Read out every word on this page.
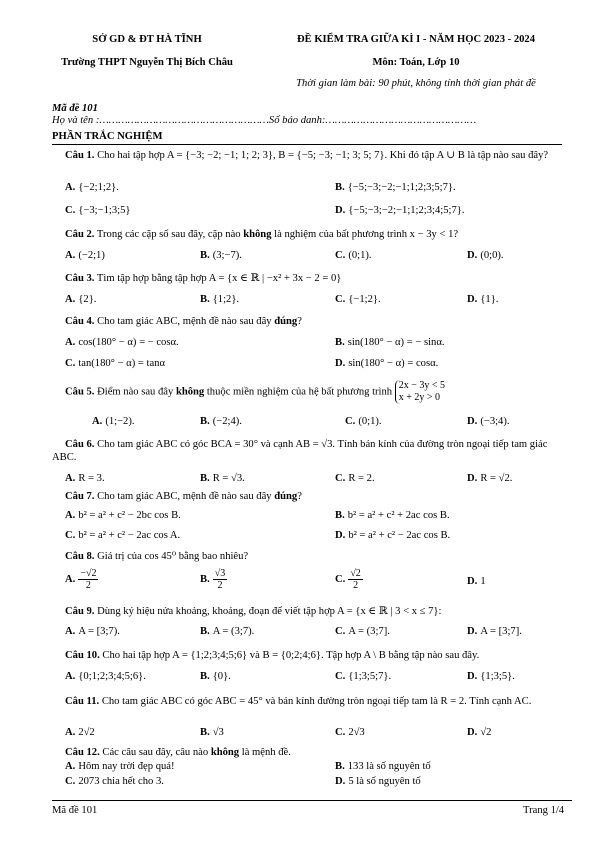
SỞ GD & ĐT HÀ TĨNH
Trường THPT Nguyễn Thị Bích Châu
ĐỀ KIỂM TRA GIỮA KÌ I - NĂM HỌC 2023 - 2024
Môn: Toán, Lớp 10
Thời gian làm bài: 90 phút, không tính thời gian phát đề
Mã đề 101
Họ và tên :………………………………………………Số báo danh:…………………………………………
PHẦN TRẮC NGHIỆM
Câu 1. Cho hai tập hợp A = {−3; −2; −1; 1; 2; 3}, B = {−5; −3; −1; 3; 5; 7}. Khi đó tập A ∪ B là tập nào sau đây?
A. {−2;1;2}.	B. {−5;−3;−2;−1;1;2;3;5;7}.
C. {−3;−1;3;5}	D. {−5;−3;−2;−1;1;2;3;4;5;7}.
Câu 2. Trong các cặp số sau đây, cặp nào không là nghiệm của bất phương trình x − 3y < 1?
A. (−2;1)	B. (3;−7).	C. (0;1).	D. (0;0).
Câu 3. Tìm tập hợp bằng tập hợp A = {x ∈ ℝ | −x² + 3x − 2 = 0}
A. {2}.	B. {1;2}.	C. {−1;2}.	D. {1}.
Câu 4. Cho tam giác ABC, mệnh đề nào sau đây đúng?
A. cos(180° − α) = − cosα.	B. sin(180° − α) = − sinα.
C. tan(180° − α) = tanα	D. sin(180° − α) = cosα.
Câu 5. Điểm nào sau đây không thuộc miền nghiệm của hệ bất phương trình
2x − 3y < 5
x + 2y > 0
A. (1;−2).	B. (−2;4).	C. (0;1).	D. (−3;4).
Câu 6. Cho tam giác ABC có góc BCA = 30° và cạnh AB = √3. Tính bán kính của đường tròn ngoại tiếp tam giác ABC.
A. R = 3.	B. R = √3.	C. R = 2.	D. R = √2.
Câu 7. Cho tam giác ABC, mệnh đề nào sau đây đúng?
A. b² = a² + c² − 2bc cos B.	B. b² = a² + c² + 2ac cos B.
C. b² = a² + c² − 2ac cos A.	D. b² = a² + c² − 2ac cos B.
Câu 8. Giá trị của cos 45⁰ bằng bao nhiêu?
A. $\frac{-√2}{2}$	B. $\frac{√3}{2}$	C. $\frac{√2}{2}$	D. 1
Câu 9. Dùng ký hiệu nửa khoảng, khoảng, đoạn để viết tập hợp A = {x ∈ ℝ | 3 < x ≤ 7}:
A. A = [3;7).	B. A = (3;7).	C. A = (3;7].	D. A = [3;7].
Câu 10. Cho hai tập hợp A = {1;2;3;4;5;6} và B = {0;2;4;6}. Tập hợp A \ B bằng tập nào sau đây.
A. {0;1;2;3;4;5;6}.	B. {0}.	C. {1;3;5;7}.	D. {1;3;5}.
Câu 11. Cho tam giác ABC có góc ABC = 45° và bán kính đường tròn ngoại tiếp tam là R = 2. Tính cạnh AC.
A. 2√2	B. √3	C. 2√3	D. √2
Câu 12. Các câu sau đây, câu nào không là mệnh đề.
A. Hôm nay trời đẹp quá!	B. 133 là số nguyên tố
C. 2073 chia hết cho 3.	D. 5 là số nguyên tố
Mã đề 101	Trang 1/4
